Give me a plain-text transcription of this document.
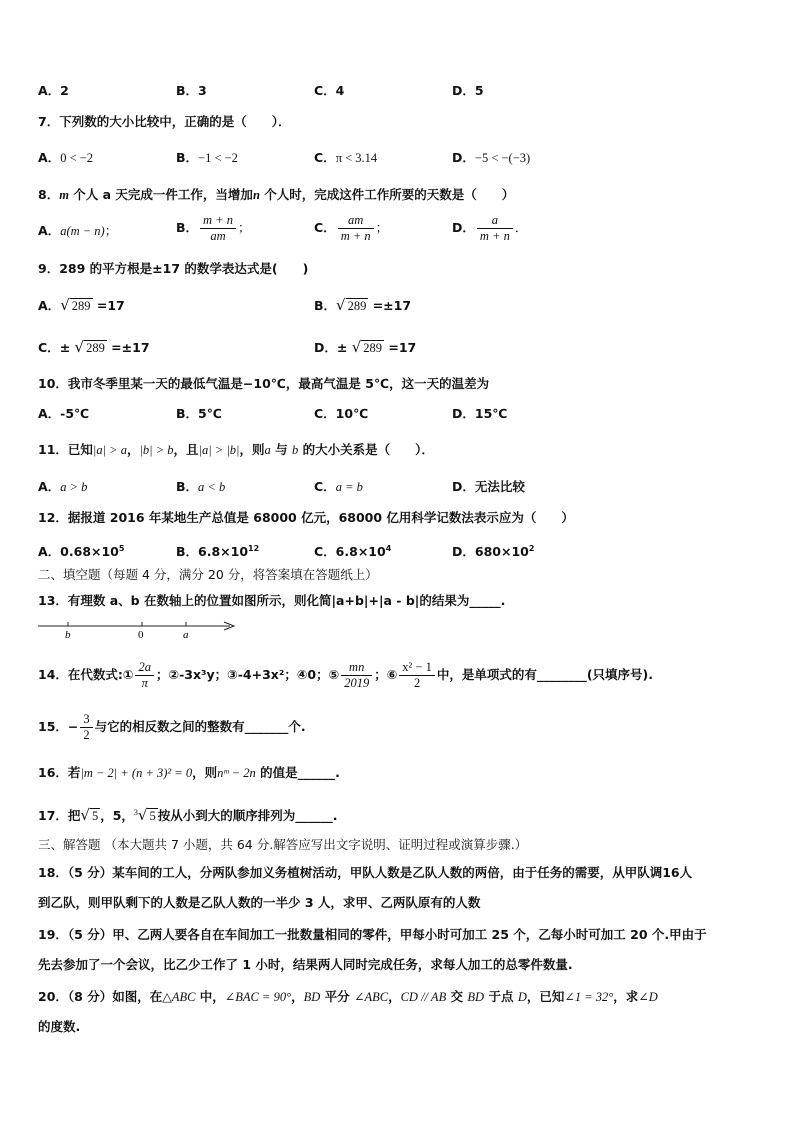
A．2	B．3	C．4	D．5
7．下列数的大小比较中，正确的是（　　）．
A．0 < −2	B．−1 < −2	C．π < 3.14	D．−5 < −(−3)
8．m 个人 a 天完成一件工作，当增加n 个人时，完成这件工作所要的天数是（　　）
A．a(m − n)；	B． $\frac{m + n}{am}$ ；	C． $\frac{am}{m + n}$ ；	D． $\frac{a}{m + n}$ ．
9．289 的平方根是±17 的数学表达式是(　　)
A．√ 289 =17	B．√ 289 =±17
C．± √ 289 =±17	D．± √ 289 =17
10．我市冬季里某一天的最低气温是−10℃，最高气温是 5℃，这一天的温差为
A．-5℃	B．5℃	C．10℃	D．15℃
11．已知|a| > a，|b| > b，且|a| > |b|，则a 与 b 的大小关系是（　　）．
A．a > b	B．a < b	C．a = b	D．无法比较
12．据报道 2016 年某地生产总值是 68000 亿元，68000 亿用科学记数法表示应为（　　）
A．$0.68\times 10^5$	B．$6.8\times 10^{12}$	C．$6.8\times 10^4$	D．$680\times 10^2$
二、填空题（每题 4 分，满分 20 分，将答案填在答题纸上）
13．有理数 a、b 在数轴上的位置如图所示，则化简|a+b|+|a - b|的结果为_____.
b	0	a
14．在代数式:① $\frac{2a}{\pi}$ ；②-3x³y；③-4+3x²；④0；⑤ $\frac{mn}{2019}$ ；⑥ $\frac{\text{x² − 1}}{2}$ 中，是单项式的有________(只填序号).
15．− $\frac{3}{2}$ 与它的相反数之间的整数有_______个.
16．若|m − 2| + (n + 3)² = 0，则nᵐ − 2n 的值是______.
17．把√ 5 ，5，$^3$√ 5 按从小到大的顺序排列为______.
三、解答题 （本大题共 7 小题，共 64 分.解答应写出文字说明、证明过程或演算步骤.）
18．（5 分）某车间的工人，分两队参加义务植树活动，甲队人数是乙队人数的两倍，由于任务的需要，从甲队调16人
到乙队，则甲队剩下的人数是乙队人数的一半少 3 人，求甲、乙两队原有的人数
19．（5 分）甲、乙两人要各自在车间加工一批数量相同的零件，甲每小时可加工 25 个，乙每小时可加工 20 个.甲由于
先去参加了一个会议，比乙少工作了 1 小时，结果两人同时完成任务，求每人加工的总零件数量.
20．（8 分）如图，在△ABC 中，∠BAC = 90°，BD 平分 ∠ABC，CD // AB 交 BD 于点 D，已知∠1 = 32°，求∠D
的度数.
